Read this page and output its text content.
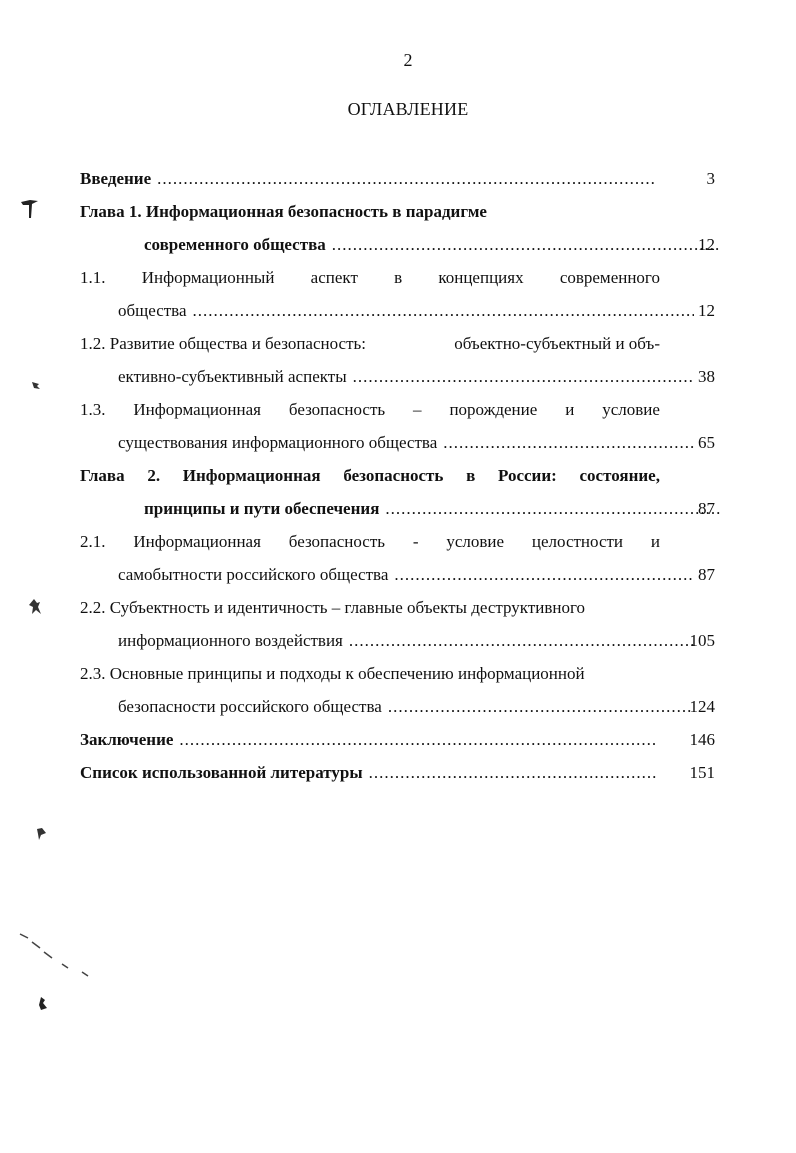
2
ОГЛАВЛЕНИЕ
Введение .....	3
Глава 1. Информационная безопасность в парадигме
современного общества .....	12
1.1. Информационный аспект в концепциях современного
общества .....	12
1.2. Развитие общества и безопасность:	объектно-субъектный и объ-
ективно-субъективный аспекты .....	38
1.3. Информационная безопасность – порождение и условие
существования информационного общества .....	65
Глава 2. Информационная безопасность в России: состояние,
принципы и пути обеспечения .....	87
2.1. Информационная безопасность - условие целостности и
самобытности российского общества .....	87
2.2. Субъектность и идентичность – главные объекты деструктивного
информационного воздействия .....	105
2.3. Основные принципы и подходы к обеспечению информационной
безопасности российского общества .....	124
Заключение .....	146
Список использованной литературы .....	151
